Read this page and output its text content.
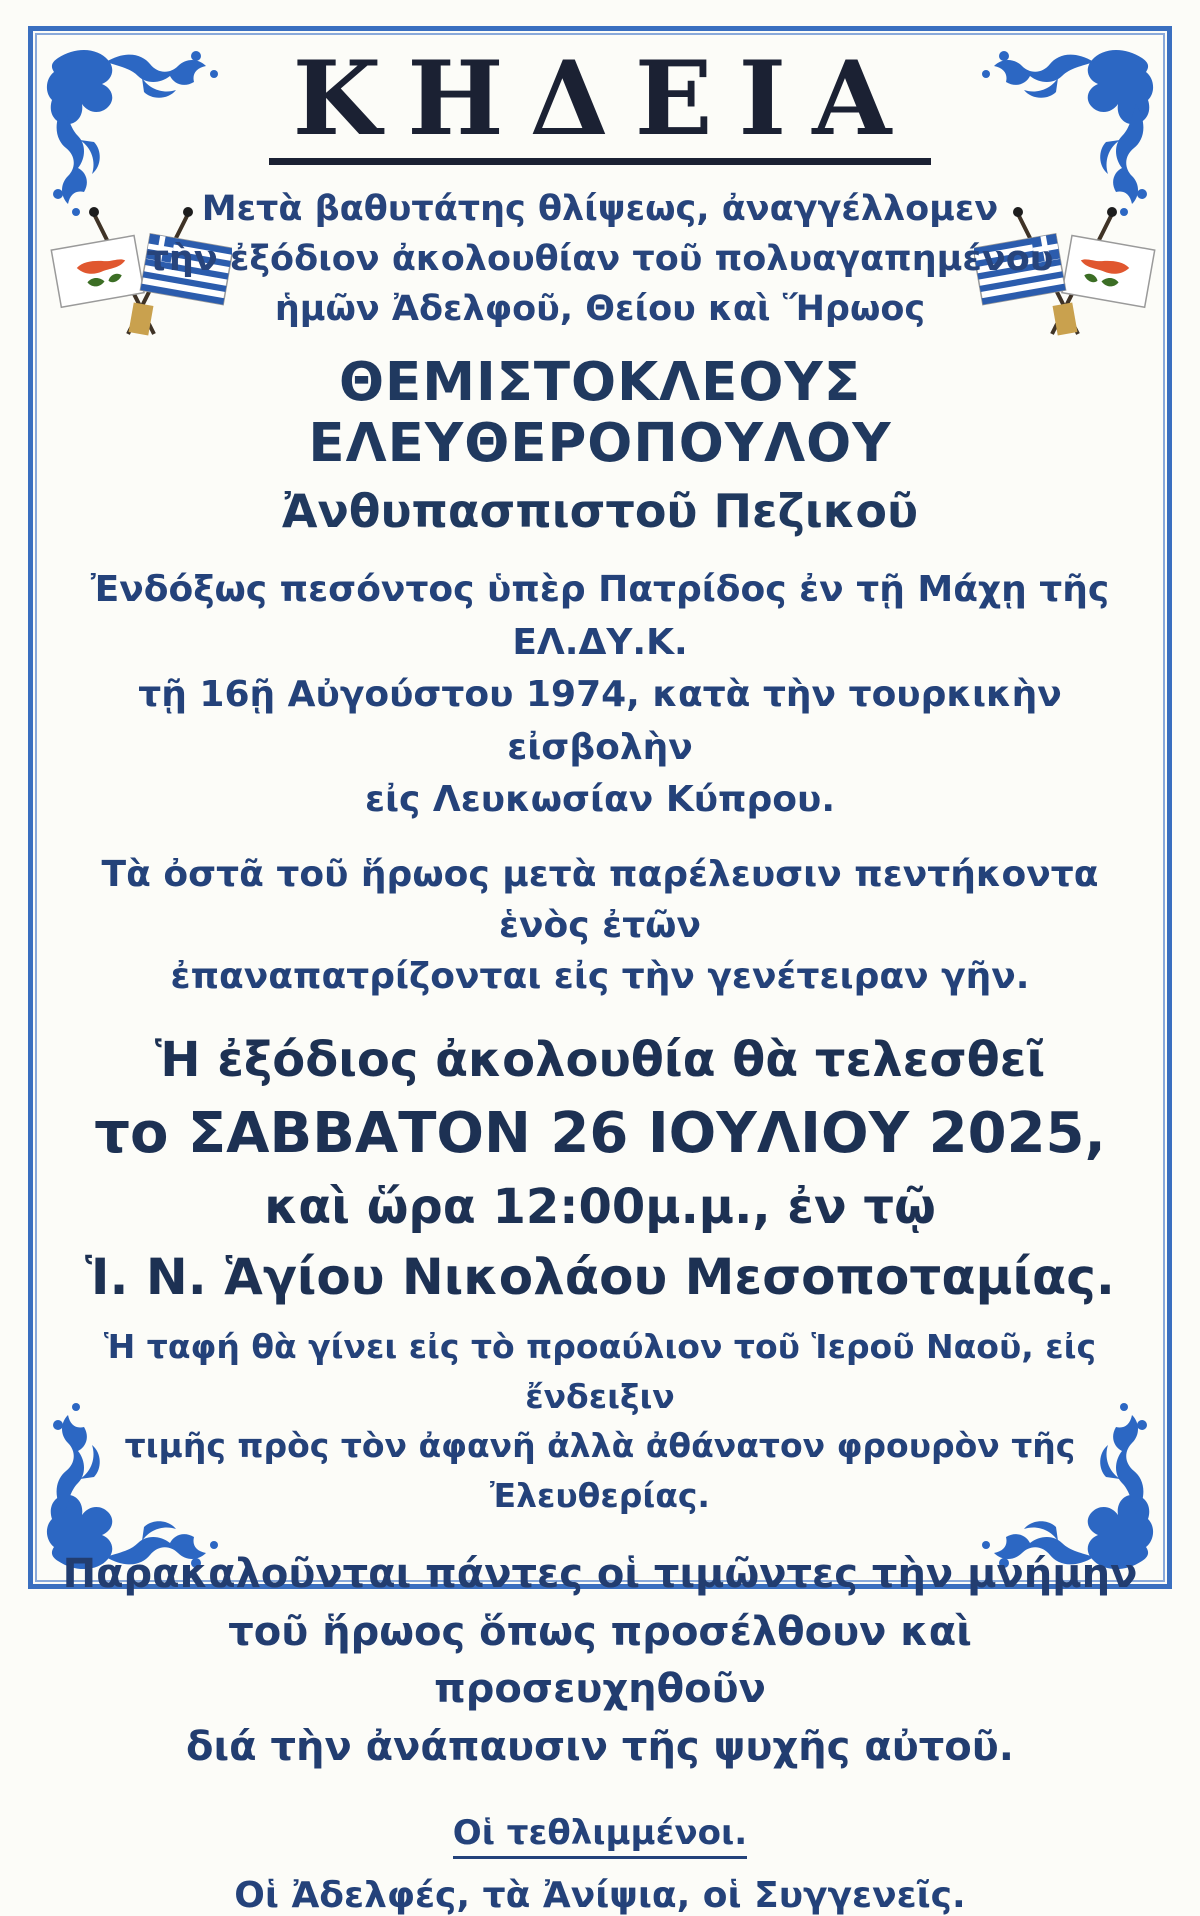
ΚΗΔΕΙΑ
Μετὰ βαθυτάτης θλίψεως, ἀναγγέλλομεν
τὴν ἐξόδιον ἀκολουθίαν τοῦ πολυαγαπημένου
ἡμῶν Ἀδελφοῦ, Θείου καὶ Ἥρωος
ΘΕΜΙΣΤΟΚΛΕΟΥΣ ΕΛΕΥΘΕΡΟΠΟΥΛΟΥ
Ἀνθυπασπιστοῦ Πεζικοῦ
Ἐνδόξως πεσόντος ὑπὲρ Πατρίδος ἐν τῇ Μάχῃ τῆς ΕΛ.ΔΥ.Κ.
τῇ 16ῇ Αὐγούστου 1974, κατὰ τὴν τουρκικὴν εἰσβολὴν
εἰς Λευκωσίαν Κύπρου.
Τὰ ὀστᾶ τοῦ ἥρωος μετὰ παρέλευσιν πεντήκοντα ἑνὸς ἐτῶν
ἐπαναπατρίζονται εἰς τὴν γενέτειραν γῆν.
Ἡ ἐξόδιος ἀκολουθία θὰ τελεσθεῖ
το ΣΑΒΒΑΤΟΝ 26 ΙΟΥΛΙΟΥ 2025,
καὶ ὥρα 12:00μ.μ., ἐν τῷ
Ἱ. Ν. Ἁγίου Νικολάου Μεσοποταμίας.
Ἡ ταφή θὰ γίνει εἰς τὸ προαύλιον τοῦ Ἱεροῦ Ναοῦ, εἰς ἔνδειξιν
τιμῆς πρὸς τὸν ἀφανῆ ἀλλὰ ἀθάνατον φρουρὸν τῆς Ἐλευθερίας.
Παρακαλοῦνται πάντες οἱ τιμῶντες τὴν μνήμην
τοῦ ἥρωος ὅπως προσέλθουν καὶ προσευχηθοῦν
διά τὴν ἀνάπαυσιν τῆς ψυχῆς αὐτοῦ.
Οἱ τεθλιμμένοι.
Οἱ Ἀδελφές, τὰ Ἀνίψια, οἱ Συγγενεῖς.
